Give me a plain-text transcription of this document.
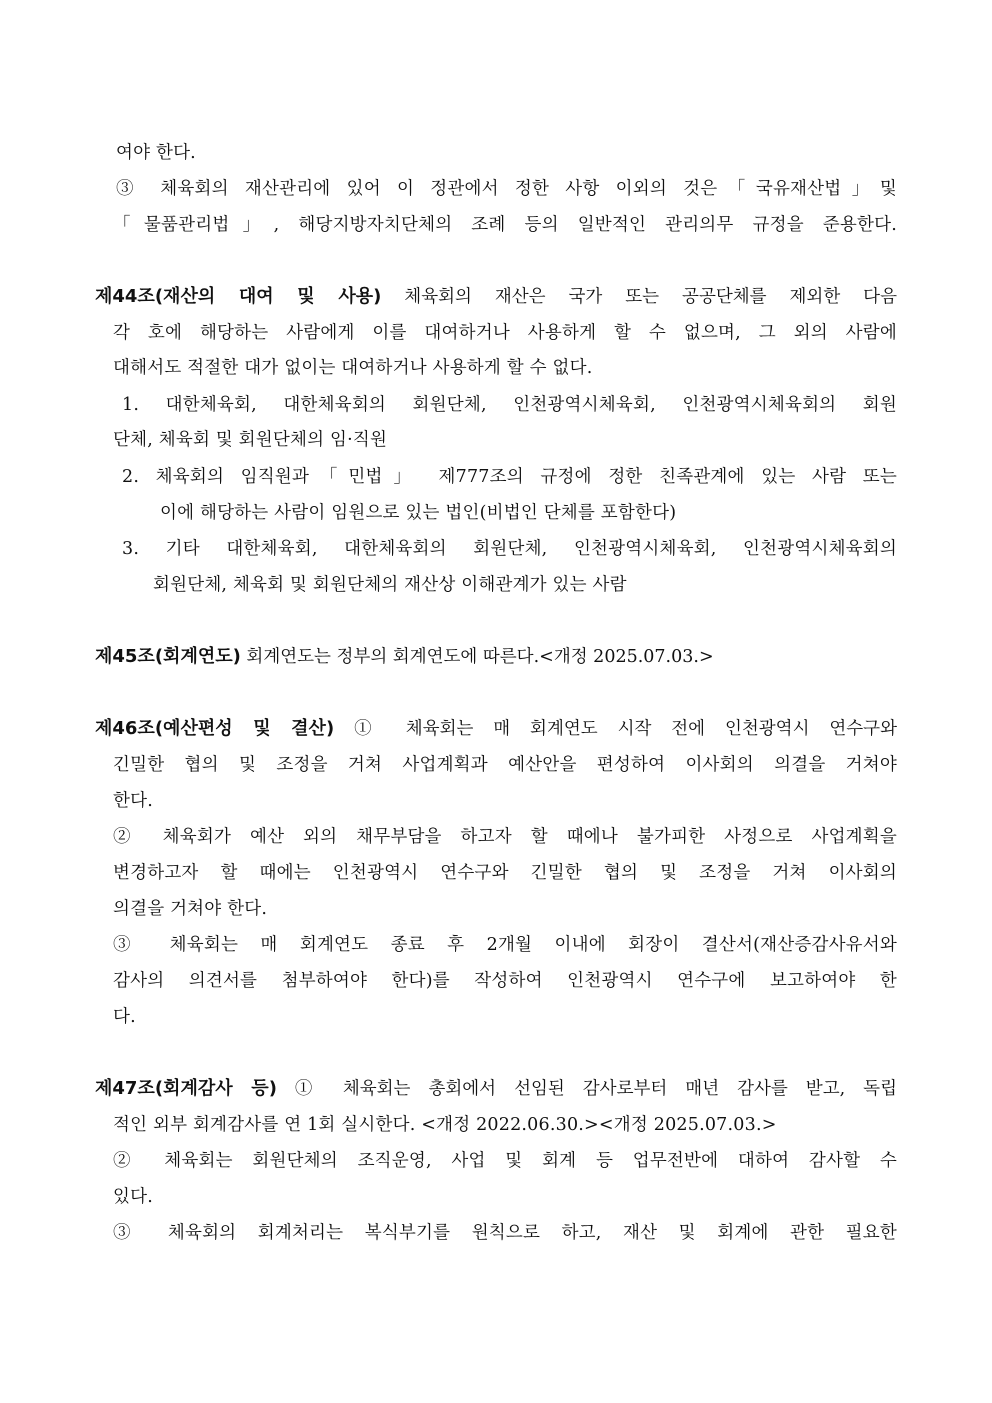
여야 한다.
③ 체육회의 재산관리에 있어 이 정관에서 정한 사항 이외의 것은「국유재산법」및
「물품관리법」, 해당지방자치단체의 조례 등의 일반적인 관리의무 규정을 준용한다.
제44조(재산의 대여 및 사용) 체육회의 재산은 국가 또는 공공단체를 제외한 다음
각 호에 해당하는 사람에게 이를 대여하거나 사용하게 할 수 없으며, 그 외의 사람에
대해서도 적절한 대가 없이는 대여하거나 사용하게 할 수 없다.
1. 대한체육회, 대한체육회의 회원단체, 인천광역시체육회, 인천광역시체육회의 회원
단체, 체육회 및 회원단체의 임·직원
2. 체육회의 임직원과「민법」 제777조의 규정에 정한 친족관계에 있는 사람 또는
이에 해당하는 사람이 임원으로 있는 법인(비법인 단체를 포함한다)
3. 기타 대한체육회, 대한체육회의 회원단체, 인천광역시체육회, 인천광역시체육회의
회원단체, 체육회 및 회원단체의 재산상 이해관계가 있는 사람
제45조(회계연도) 회계연도는 정부의 회계연도에 따른다.<개정 2025.07.03.>
제46조(예산편성 및 결산) ① 체육회는 매 회계연도 시작 전에 인천광역시 연수구와
긴밀한 협의 및 조정을 거쳐 사업계획과 예산안을 편성하여 이사회의 의결을 거쳐야
한다.
② 체육회가 예산 외의 채무부담을 하고자 할 때에나 불가피한 사정으로 사업계획을
변경하고자 할 때에는 인천광역시 연수구와 긴밀한 협의 및 조정을 거쳐 이사회의
의결을 거쳐야 한다.
③ 체육회는 매 회계연도 종료 후 2개월 이내에 회장이 결산서(재산증감사유서와
감사의 의견서를 첨부하여야 한다)를 작성하여 인천광역시 연수구에 보고하여야 한
다.
제47조(회계감사 등) ① 체육회는 총회에서 선임된 감사로부터 매년 감사를 받고, 독립
적인 외부 회계감사를 연 1회 실시한다. <개정 2022.06.30.><개정 2025.07.03.>
② 체육회는 회원단체의 조직운영, 사업 및 회계 등 업무전반에 대하여 감사할 수
있다.
③ 체육회의 회계처리는 복식부기를 원칙으로 하고, 재산 및 회계에 관한 필요한
